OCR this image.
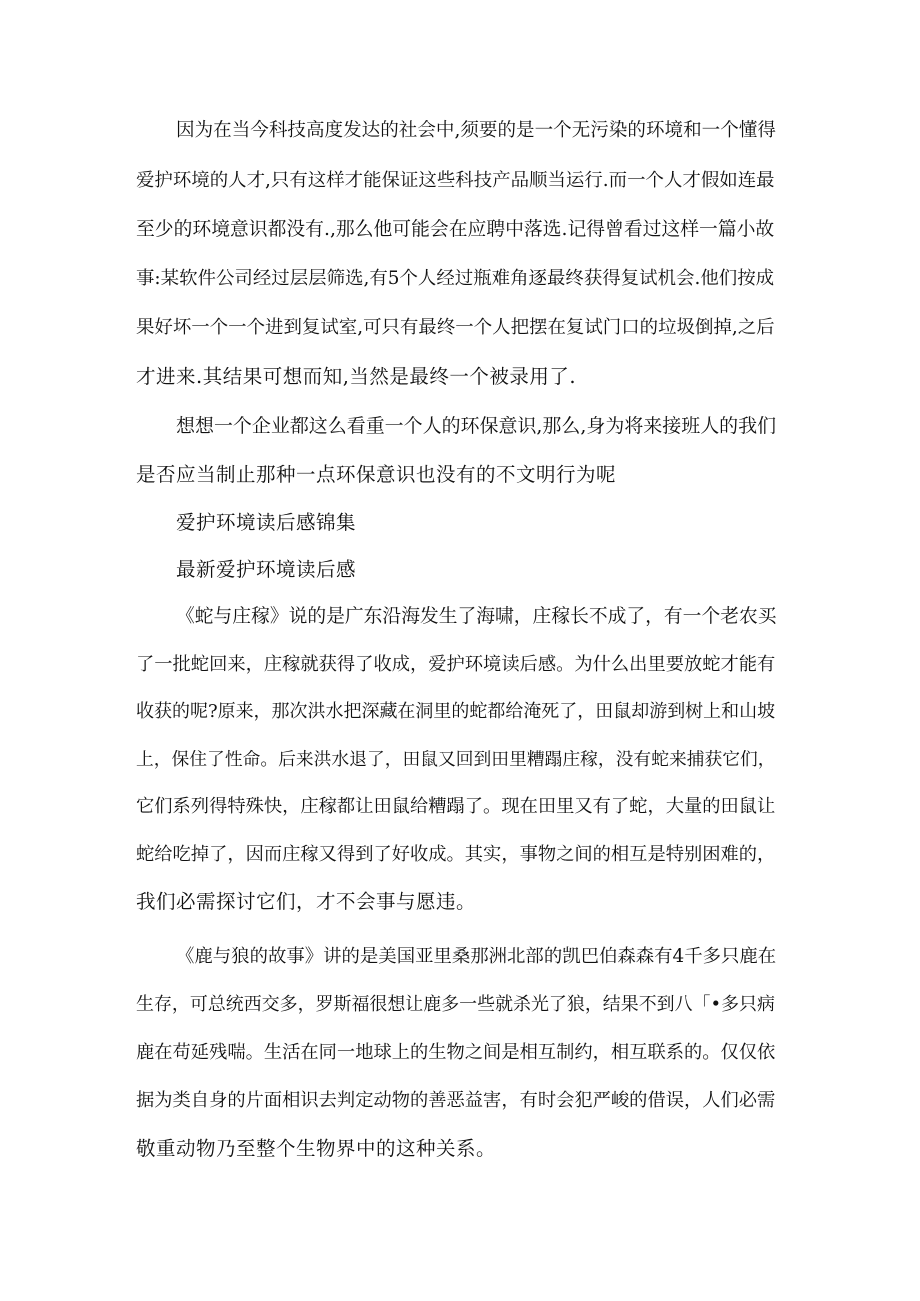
因为在当今科技高度发达的社会中,须要的是一个无污染的环境和一个懂得

爱护环境的人才,只有这样才能保证这些科技产品顺当运行.而一个人才假如连最

至少的环境意识都没有.,那么他可能会在应聘中落选.记得曾看过这样一篇小故

事:某软件公司经过层层筛选,有5个人经过瓶难角逐最终获得复试机会.他们按成

果好坏一个一个进到复试室,可只有最终一个人把摆在复试门口的垃圾倒掉,之后

才进来.其结果可想而知,当然是最终一个被录用了.

想想一个企业都这么看重一个人的环保意识,那么,身为将来接班人的我们

是否应当制止那种一点环保意识也没有的不文明行为呢

爱护环境读后感锦集

最新爱护环境读后感

《蛇与庄稼》说的是广东沿海发生了海啸，庄稼长不成了，有一个老农买

了一批蛇回来，庄稼就获得了收成，爱护环境读后感。为什么出里要放蛇才能有

收获的呢?原来，那次洪水把深藏在洞里的蛇都给淹死了，田鼠却游到树上和山坡

上，保住了性命。后来洪水退了，田鼠又回到田里糟蹋庄稼，没有蛇来捕获它们，

它们系列得特殊快，庄稼都让田鼠给糟蹋了。现在田里又有了蛇，大量的田鼠让

蛇给吃掉了，因而庄稼又得到了好收成。其实，事物之间的相互是特别困难的，

我们必需探讨它们，才不会事与愿违。

《鹿与狼的故事》讲的是美国亚里桑那洲北部的凯巴伯森森有4千多只鹿在

生存，可总统西交多，罗斯福很想让鹿多一些就杀光了狼，结果不到八「•多只病

鹿在苟延残喘。生活在同一地球上的生物之间是相互制约，相互联系的。仅仅依

据为类自身的片面相识去判定动物的善恶益害，有时会犯严峻的借误，人们必需

敬重动物乃至整个生物界中的这种关系。
